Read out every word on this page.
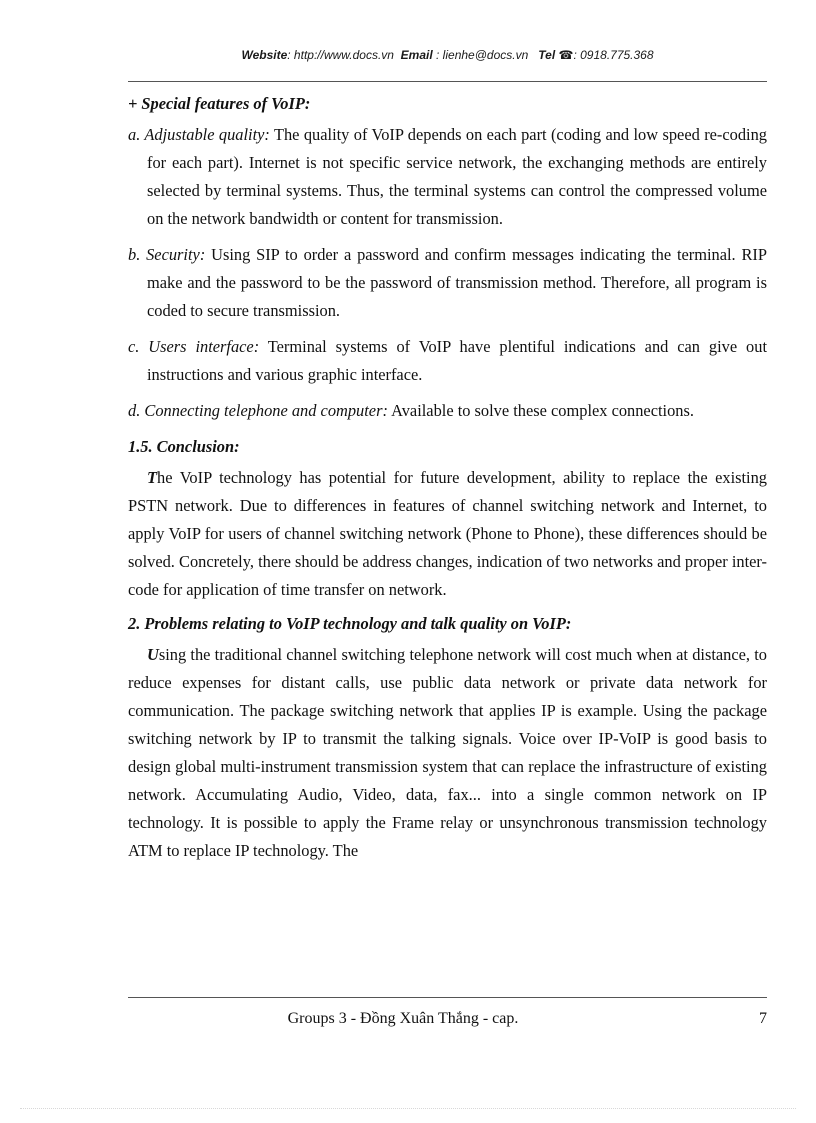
Website: http://www.docs.vn Email : lienhe@docs.vn Tel ☎: 0918.775.368

+ Special features of VoIP:

a. Adjustable quality: The quality of VoIP depends on each part (coding and low speed re-coding for each part). Internet is not specific service network, the exchanging methods are entirely selected by terminal systems. Thus, the terminal systems can control the compressed volume on the network bandwidth or content for transmission.

b. Security: Using SIP to order a password and confirm messages indicating the terminal. RIP make and the password to be the password of transmission method. Therefore, all program is coded to secure transmission.

c. Users interface: Terminal systems of VoIP have plentiful indications and can give out instructions and various graphic interface.

d. Connecting telephone and computer: Available to solve these complex connections.

1.5. Conclusion:

The VoIP technology has potential for future development, ability to replace the existing PSTN network. Due to differences in features of channel switching network and Internet, to apply VoIP for users of channel switching network (Phone to Phone), these differences should be solved. Concretely, there should be address changes, indication of two networks and proper inter-code for application of time transfer on network.

2. Problems relating to VoIP technology and talk quality on VoIP:

Using the traditional channel switching telephone network will cost much when at distance, to reduce expenses for distant calls, use public data network or private data network for communication. The package switching network that applies IP is example. Using the package switching network by IP to transmit the talking signals. Voice over IP-VoIP is good basis to design global multi-instrument transmission system that can replace the infrastructure of existing network. Accumulating Audio, Video, data, fax... into a single common network on IP technology. It is possible to apply the Frame relay or unsynchronous transmission technology ATM to replace IP technology. The

Groups 3 - Đồng Xuân Thắng - cap.	7
